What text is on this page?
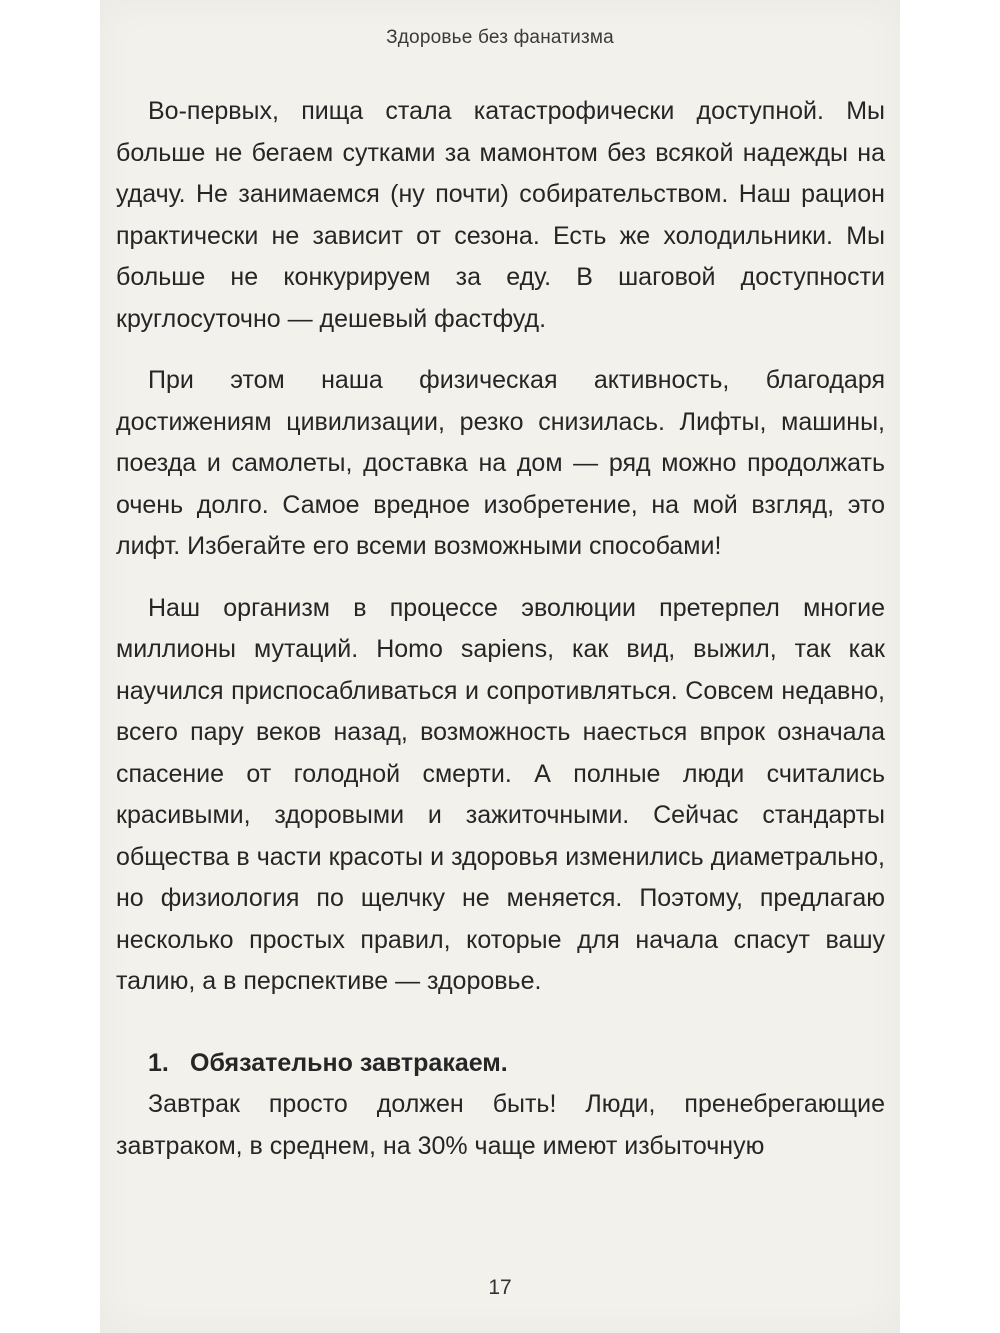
Здоровье без фанатизма

Во-первых, пища стала катастрофически доступной. Мы больше не бегаем сутками за мамонтом без всякой надежды на удачу. Не занимаемся (ну почти) собирательством. Наш рацион практически не зависит от сезона. Есть же холодильники. Мы больше не конкурируем за еду. В шаговой доступности круглосуточно — дешевый фастфуд.

При этом наша физическая активность, благодаря достижениям цивилизации, резко снизилась. Лифты, машины, поезда и самолеты, доставка на дом — ряд можно продолжать очень долго. Самое вредное изобретение, на мой взгляд, это лифт. Избегайте его всеми возможными способами!

Наш организм в процессе эволюции претерпел многие миллионы мутаций. Homo sapiens, как вид, выжил, так как научился приспосабливаться и сопротивляться. Совсем недавно, всего пару веков назад, возможность наесться впрок означала спасение от голодной смерти. А полные люди считались красивыми, здоровыми и зажиточными. Сейчас стандарты общества в части красоты и здоровья изменились диаметрально, но физиология по щелчку не меняется. Поэтому, предлагаю несколько простых правил, которые для начала спасут вашу талию, а в перспективе — здоровье.

1. Обязательно завтракаем.

Завтрак просто должен быть! Люди, пренебрегающие завтраком, в среднем, на 30% чаще имеют избыточную

17
